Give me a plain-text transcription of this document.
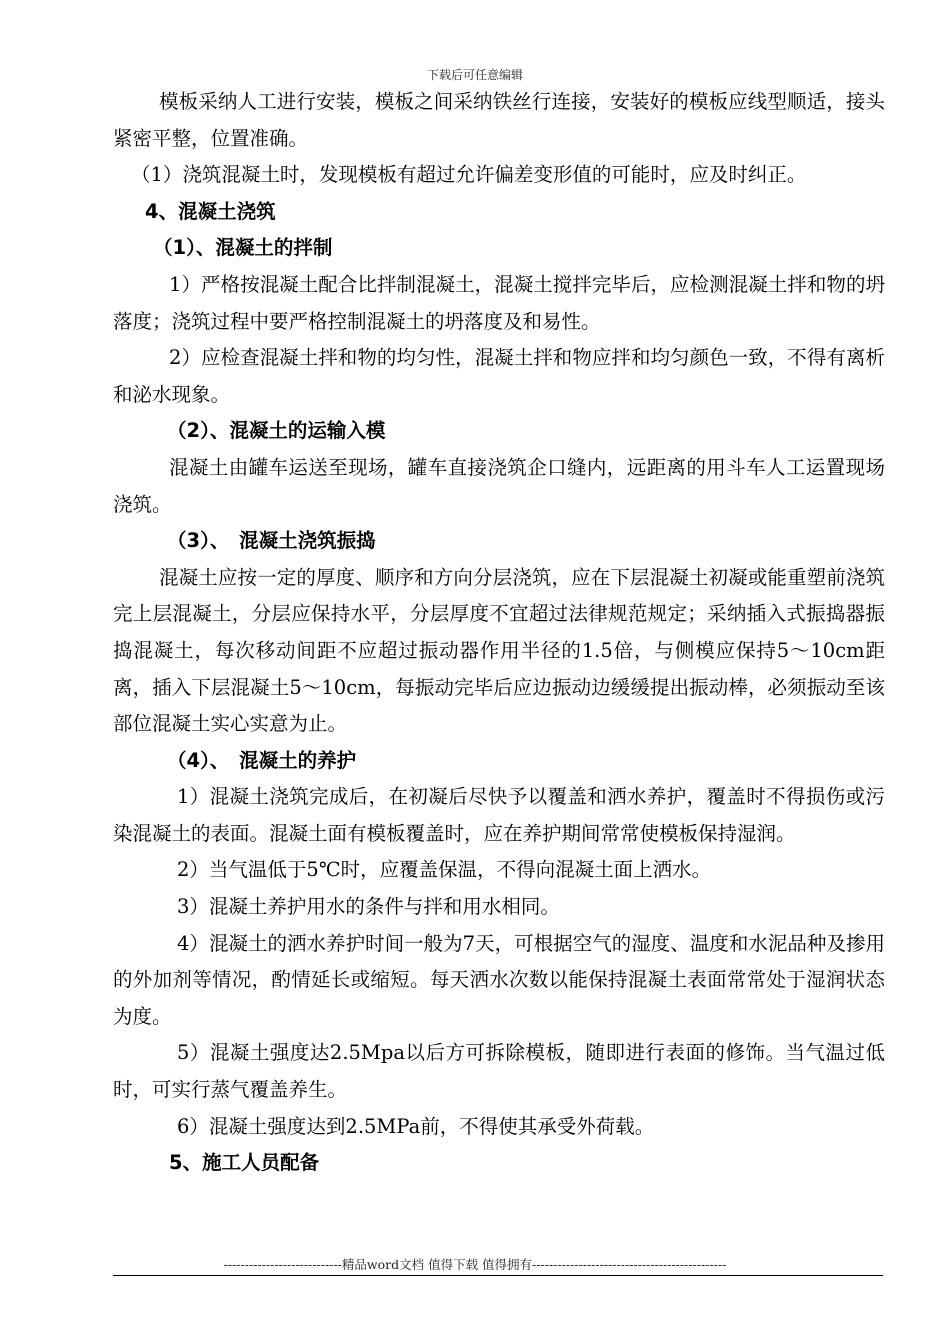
下载后可任意编辑

模板采纳人工进行安装，模板之间采纳铁丝行连接，安装好的模板应线型顺适，接头紧密平整，位置准确。

（1）浇筑混凝土时，发现模板有超过允许偏差变形值的可能时，应及时纠正。

4、混凝土浇筑

（1）、混凝土的拌制

1）严格按混凝土配合比拌制混凝土，混凝土搅拌完毕后，应检测混凝土拌和物的坍落度；浇筑过程中要严格控制混凝土的坍落度及和易性。

2）应检查混凝土拌和物的均匀性，混凝土拌和物应拌和均匀颜色一致，不得有离析和泌水现象。

（2）、混凝土的运输入模

混凝土由罐车运送至现场，罐车直接浇筑企口缝内，远距离的用斗车人工运置现场浇筑。

（3）、　混凝土浇筑振捣

混凝土应按一定的厚度、顺序和方向分层浇筑，应在下层混凝土初凝或能重塑前浇筑完上层混凝土，分层应保持水平，分层厚度不宜超过法律规范规定；采纳插入式振捣器振捣混凝土，每次移动间距不应超过振动器作用半径的1.5倍，与侧模应保持5～10cm距离，插入下层混凝土5～10cm，每振动完毕后应边振动边缓缓提出振动棒，必须振动至该部位混凝土实心实意为止。

（4）、　混凝土的养护

1）混凝土浇筑完成后，在初凝后尽快予以覆盖和洒水养护，覆盖时不得损伤或污染混凝土的表面。混凝土面有模板覆盖时，应在养护期间常常使模板保持湿润。

2）当气温低于5℃时，应覆盖保温，不得向混凝土面上洒水。

3）混凝土养护用水的条件与拌和用水相同。

4）混凝土的洒水养护时间一般为7天，可根据空气的湿度、温度和水泥品种及掺用的外加剂等情况，酌情延长或缩短。每天洒水次数以能保持混凝土表面常常处于湿润状态为度。

5）混凝土强度达2.5Mpa以后方可拆除模板，随即进行表面的修饰。当气温过低时，可实行蒸气覆盖养生。

6）混凝土强度达到2.5MPa前，不得使其承受外荷载。

5、施工人员配备

----------------------------精品word文档 值得下载 值得拥有----------------------------------------------
